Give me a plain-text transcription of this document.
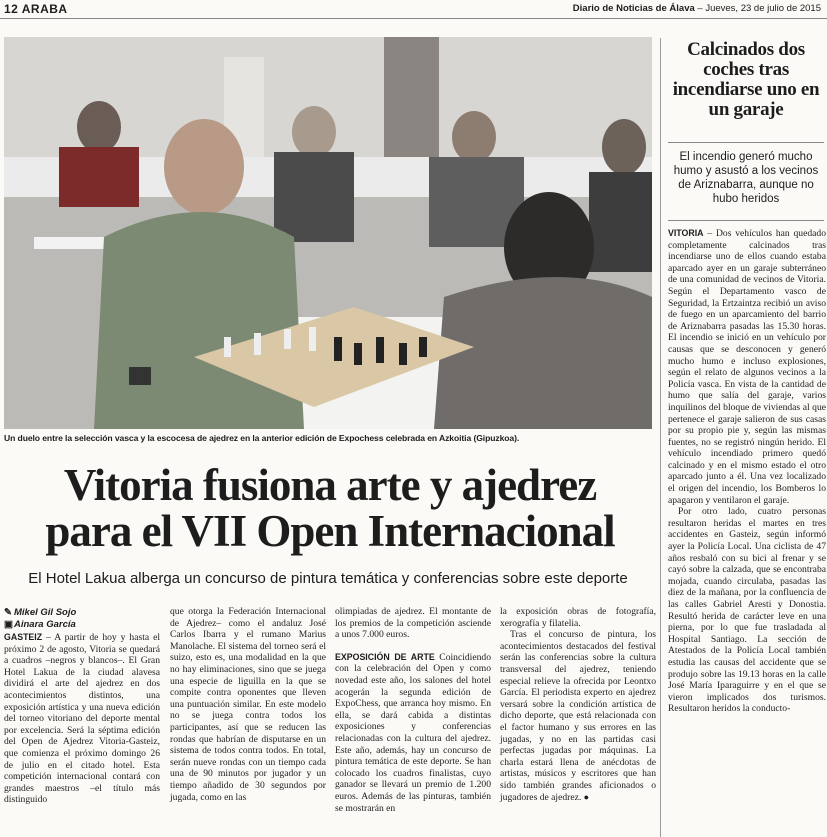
12 ARABA	Diario de Noticias de Álava – Jueves, 23 de julio de 2015
Un duelo entre la selección vasca y la escocesa de ajedrez en la anterior edición de Expochess celebrada en Azkoitia (Gipuzkoa).
Vitoria fusiona arte y ajedrez
para el VII Open Internacional
El Hotel Lakua alberga un concurso de pintura temática y conferencias sobre este deporte
✎ Mikel Gil Sojo
▣Ainara García

GASTEIZ – A partir de hoy y hasta el próximo 2 de agosto, Vitoria se quedará a cuadros –negros y blancos–. El Gran Hotel Lakua de la ciudad alavesa dividirá el arte del ajedrez en dos acontecimientos distintos, una exposición artística y una nueva edición del torneo vitoriano del deporte mental por excelencia. Será la séptima edición del Open de Ajedrez Vitoria-Gasteiz, que comienza el próximo domingo 26 de julio en el citado hotel. Esta competición internacional contará con grandes maestros –el título más distinguido

que otorga la Federación Internacional de Ajedrez– como el andaluz José Carlos Ibarra y el rumano Marius Manolache. El sistema del torneo será el suizo, esto es, una modalidad en la que no hay eliminaciones, sino que se juega una especie de liguilla en la que se compite contra oponentes que lleven una puntuación similar. En este modelo no se juega contra todos los participantes, así que se reducen las rondas que habrían de disputarse en un sistema de todos contra todos. En total, serán nueve rondas con un tiempo cada una de 90 minutos por jugador y un tiempo añadido de 30 segundos por jugada, como en las

olimpiadas de ajedrez. El montante de los premios de la competición asciende a unos 7.000 euros.

EXPOSICIÓN DE ARTE Coincidiendo con la celebración del Open y como novedad este año, los salones del hotel acogerán la segunda edición de ExpoChess, que arranca hoy mismo. En ella, se dará cabida a distintas exposiciones y conferencias relacionadas con la cultura del ajedrez. Este año, además, hay un concurso de pintura temática de este deporte. Se han colocado los cuadros finalistas, cuyo ganador se llevará un premio de 1.200 euros. Además de las pinturas, también se mostrarán en

la exposición obras de fotografía, xerografía y filatelia.

Tras el concurso de pintura, los acontecimientos destacados del festival serán las conferencias sobre la cultura transversal del ajedrez, teniendo especial relieve la ofrecida por Leontxo García. El periodista experto en ajedrez versará sobre la condición artística de dicho deporte, que está relacionada con el factor humano y sus errores en las jugadas, y no en las partidas casi perfectas jugadas por máquinas. La charla estará llena de anécdotas de artistas, músicos y escritores que han sido también grandes aficionados o jugadores de ajedrez. ●

Calcinados dos coches tras incendiarse uno en un garaje
El incendio generó mucho humo y asustó a los vecinos de Ariznabarra, aunque no hubo heridos

VITORIA – Dos vehículos han quedado completamente calcinados tras incendiarse uno de ellos cuando estaba aparcado ayer en un garaje subterráneo de una comunidad de vecinos de Vitoria. Según el Departamento vasco de Seguridad, la Ertzaintza recibió un aviso de fuego en un aparcamiento del barrio de Ariznabarra pasadas las 15.30 horas. El incendio se inició en un vehículo por causas que se desconocen y generó mucho humo e incluso explosiones, según el relato de algunos vecinos a la Policía vasca. En vista de la cantidad de humo que salía del garaje, varios inquilinos del bloque de viviendas al que pertenece el garaje salieron de sus casas por su propio pie y, según las mismas fuentes, no se registró ningún herido. El vehículo incendiado primero quedó calcinado y en el mismo estado el otro aparcado junto a él. Una vez localizado el origen del incendio, los Bomberos lo apagaron y ventilaron el garaje.

Por otro lado, cuatro personas resultaron heridas el martes en tres accidentes en Gasteiz, según informó ayer la Policía Local. Una ciclista de 47 años resbaló con su bici al frenar y se cayó sobre la calzada, que se encontraba mojada, cuando circulaba, pasadas las diez de la mañana, por la confluencia de las calles Gabriel Aresti y Donostia. Resultó herida de carácter leve en una pierna, por lo que fue trasladada al Hospital Santiago. La sección de Atestados de la Policía Local también estudia las causas del accidente que se produjo sobre las 19.13 horas en la calle José María Iparaguirre y en el que se vieron implicados dos turismos. Resultaron heridos la conducto-
